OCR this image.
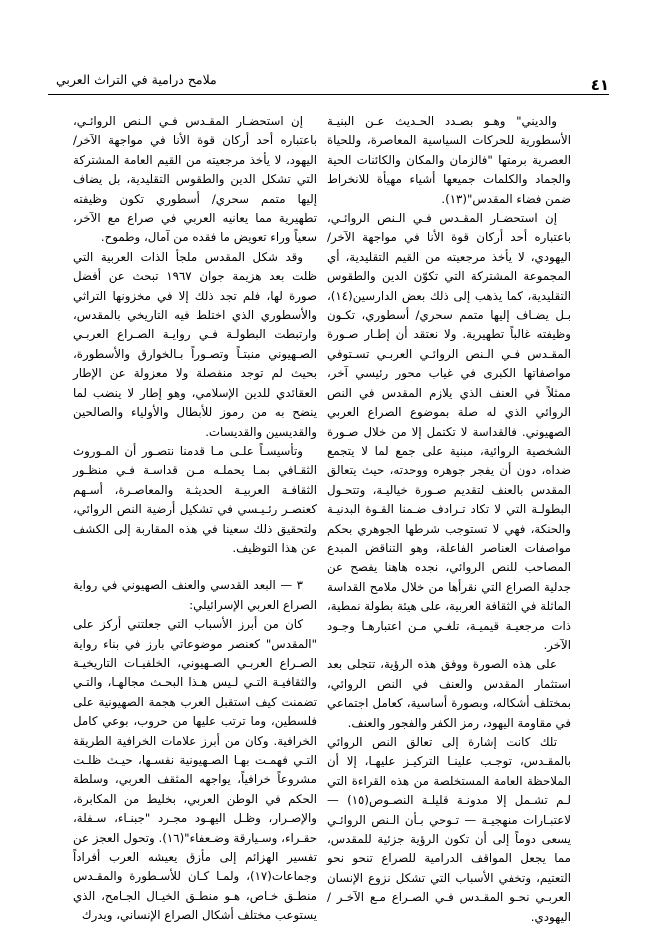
٤١
ملامح درامية في التراث العربي

والديني" وهـو بصـدد الحـديث عـن البنيـة الأسطورية للحركات السياسية المعاصرة، وللحياة العصرية برمتها "فالزمان والمكان والكائنات الحية والجماد والكلمات جميعها أشياء مهيأة للانخراط ضمن فضاء المقدس"(١٣).

إن استحضـار المقـدس فـي الـنص الروائـي، باعتباره أحد أركان قوة الأنا في مواجهة الآخر/ اليهودي، لا يأخذ مرجعيته من القيم التقليدية، أي المجموعة المشتركة التي تكوّن الدين والطقوس التقليدية، كما يذهب إلى ذلك بعض الدارسين(١٤)، بـل يضـاف إليها متمم سحري/ أسطوري، تكـون وظيفته غالباً تطهيرية. ولا نعتقد أن إطـار صـورة المقـدس فـي الـنص الروائـي العربـي تسـتوفي مواصفاتها الكبرى في غياب محور رئيسي آخر، ممثلاً في العنف الذي يلازم المقدس في النص الروائي الذي له صلة بموضوع الصراع العربي الصهيوني. فالقداسة لا تكتمل إلا من خلال صـورة الشخصية الروائية، مبنية على جمع لما لا يتجمع ضداه، دون أن يفجر جوهره ووحدته، حيث يتعالق المقدس بالعنف لتقديم صـورة خياليـة، وتتحـول البطولـة التي لا تكاد تـرادف ضـمنا القـوة البدنيـة والحنكة، فهي لا تستوجب شرطها الجوهري بحكم مواصفات العناصر الفاعلة، وهو التناقض المبدع المصاحب للنص الروائي، نجده هاهنا يفصح عن جدلية الصراع التي نقرأها من خلال ملامح القداسة الماثلة في الثقافة العربية، على هيئة بطولة نمطية، ذات مرجعيـة قيميـة، تلغـي مـن اعتبارهـا وجـود الآخر.

على هذه الصورة ووفق هذه الرؤية، تتجلى بعد استثمار المقدس والعنف في النص الروائي، بمختلف أشكاله، وبصورة أساسية، كعامل اجتماعي في مقاومة اليهود، رمز الكفر والفجور والعنف.

تلك كانت إشارة إلى تعالق النص الروائي بالمقـدس، توجـب علينـا التركيـز عليهـا، إلا أن الملاحظة العامة المستخلصة من هذه القراءة التي لـم تشـمل إلا مدونـة قليلـة النصـوص(١٥) — لاعتبـارات منهجيـة — تـوحي بـأن الـنص الروائـي يسعى دوماً إلى أن تكون الرؤية جزئية للمقدس، مما يجعل المواقف الدرامية للصراع تنحو نحو التعتيم، وتخفي الأسباب التي تشكل نزوع الإنسان العربـي نحـو المقـدس فـي الصـراع مـع الآخـر / اليهودي.

إن استحضـار المقـدس فـي الـنص الروائـي، باعتباره أحد أركان قوة الأنا في مواجهة الآخر/ اليهود، لا يأخذ مرجعيته من القيم العامة المشتركة التي تشكل الدين والطقوس التقليدية، بل يضاف إليها متمم سحري/ أسطوري تكون وظيفته تطهيرية مما يعانيه العربي في صراع مع الآخر، سعياً وراء تعويض ما فقده من آمال، وطموح.

وقد شكل المقدس ملجأ الذات العربية التي ظلت بعد هزيمة جوان ١٩٦٧ تبحث عن أفضل صورة لها، فلم تجد ذلك إلا في مخزونها التراثي والأسطوري الذي اختلط فيه التاريخي بالمقدس، وارتبطت البطولـة فـي روايـة الصـراع العربـي الصـهيوني منبتـاً وتصـوراً بـالخوارق والأسطورة، بحيث لم توجد منفصلة ولا معزولة عن الإطار العقائدي للدين الإسلامي، وهو إطار لا ينضب لما ينضح به من رموز للأبطال والأولياء والصالحين والقديسين والقديسات.

وتأسيسـاً علـى مـا قدمنا نتصـور أن المـوروث الثقـافي بمـا يحملـه مـن قداسـة فـي منظـور الثقافـة العربيـة الحديثـة والمعاصـرة، أسـهم كعنصـر رئـيـسي في تشكيل أرضية النص الروائي، ولتحقيق ذلك سعينا في هذه المقاربة إلى الكشف عن هذا التوظيف.

٣ — البعد القدسي والعنف الصهيوني في رواية الصراع العربي الإسرائيلي:

كان من أبرز الأسباب التي جعلتني أركز على "المقدس" كعنصر موضوعاتي بارز في بناء رواية الصـراع العربـي الصـهيوني، الخلفيـات التاريخيـة والثقافيـة التـي لـيس هـذا البحـث مجالهـا، والتـي تضمنت كيف استقبل العرب هجمة الصهيونية على فلسطين، وما ترتب عليها من حروب، بوعي كامل الخرافية. وكان من أبرز علامات الخرافية الطريقة التـي فهمـت بهـا الصـهيونية نفسـها، حيـث ظلـت مشروعاً خرافياً، يواجهه المثقف العربي، وسلطة الحكم في الوطن العربي، بخليط من المكابرة، والإصـرار، وظـل اليهـود مجـرد "جبنـاء، سـفلة، حقـراء، وسـيارقة وضـعفاء"(١٦). وتحول العجز عن تفسير الهزائم إلى مأزق يعيشه العرب أفراداً وجماعات(١٧)، ولمـا كـان للأسـطورة والمقـدس منطـق خـاص، هـو منطـق الخيـال الجـامح، الذي يستوعب مختلف أشكال الصراع الإنساني، ويدرك
